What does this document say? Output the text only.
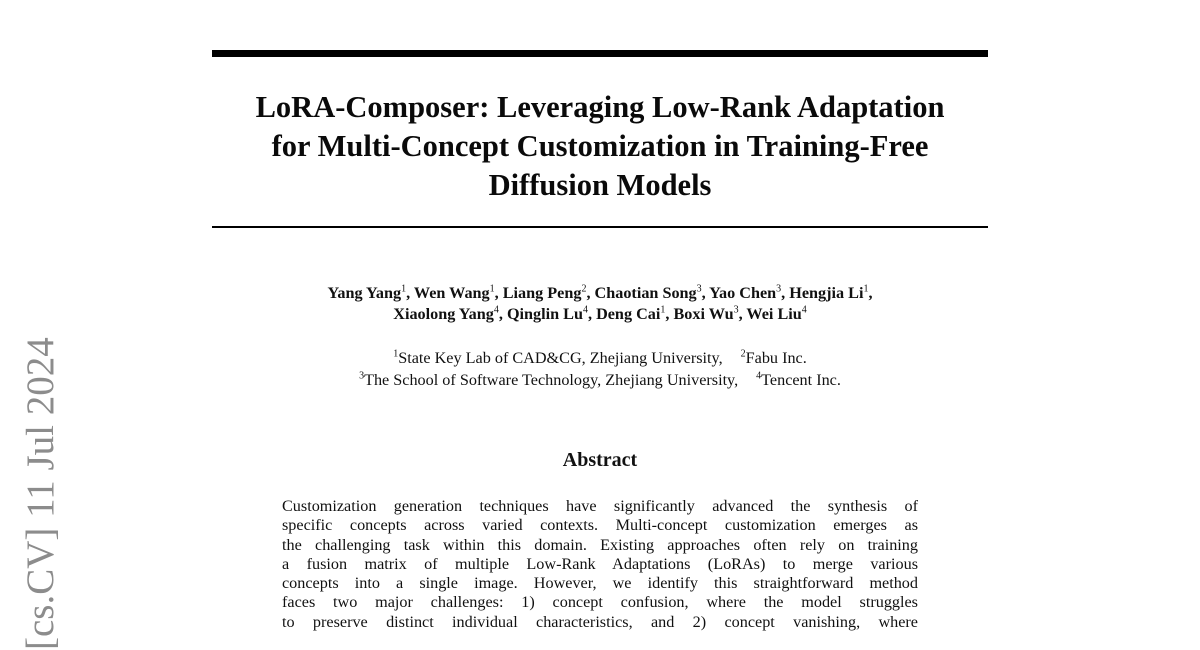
[cs.CV] 11 Jul 2024
LoRA-Composer: Leveraging Low-Rank Adaptation
for Multi-Concept Customization in Training-Free
Diffusion Models
Yang Yang$^1$, Wen Wang$^1$, Liang Peng$^2$, Chaotian Song$^3$, Yao Chen$^3$, Hengjia Li$^1$,
Xiaolong Yang$^4$, Qinglin Lu$^4$, Deng Cai$^1$, Boxi Wu$^3$, Wei Liu$^4$
$^1$State Key Lab of CAD&CG, Zhejiang University, $^2$Fabu Inc.
$^3$The School of Software Technology, Zhejiang University, $^4$Tencent Inc.
Abstract
Customization generation techniques have significantly advanced the synthesis of
specific concepts across varied contexts. Multi-concept customization emerges as
the challenging task within this domain. Existing approaches often rely on training
a fusion matrix of multiple Low-Rank Adaptations (LoRAs) to merge various
concepts into a single image. However, we identify this straightforward method
faces two major challenges: 1) concept confusion, where the model struggles
to preserve distinct individual characteristics, and 2) concept vanishing, where
